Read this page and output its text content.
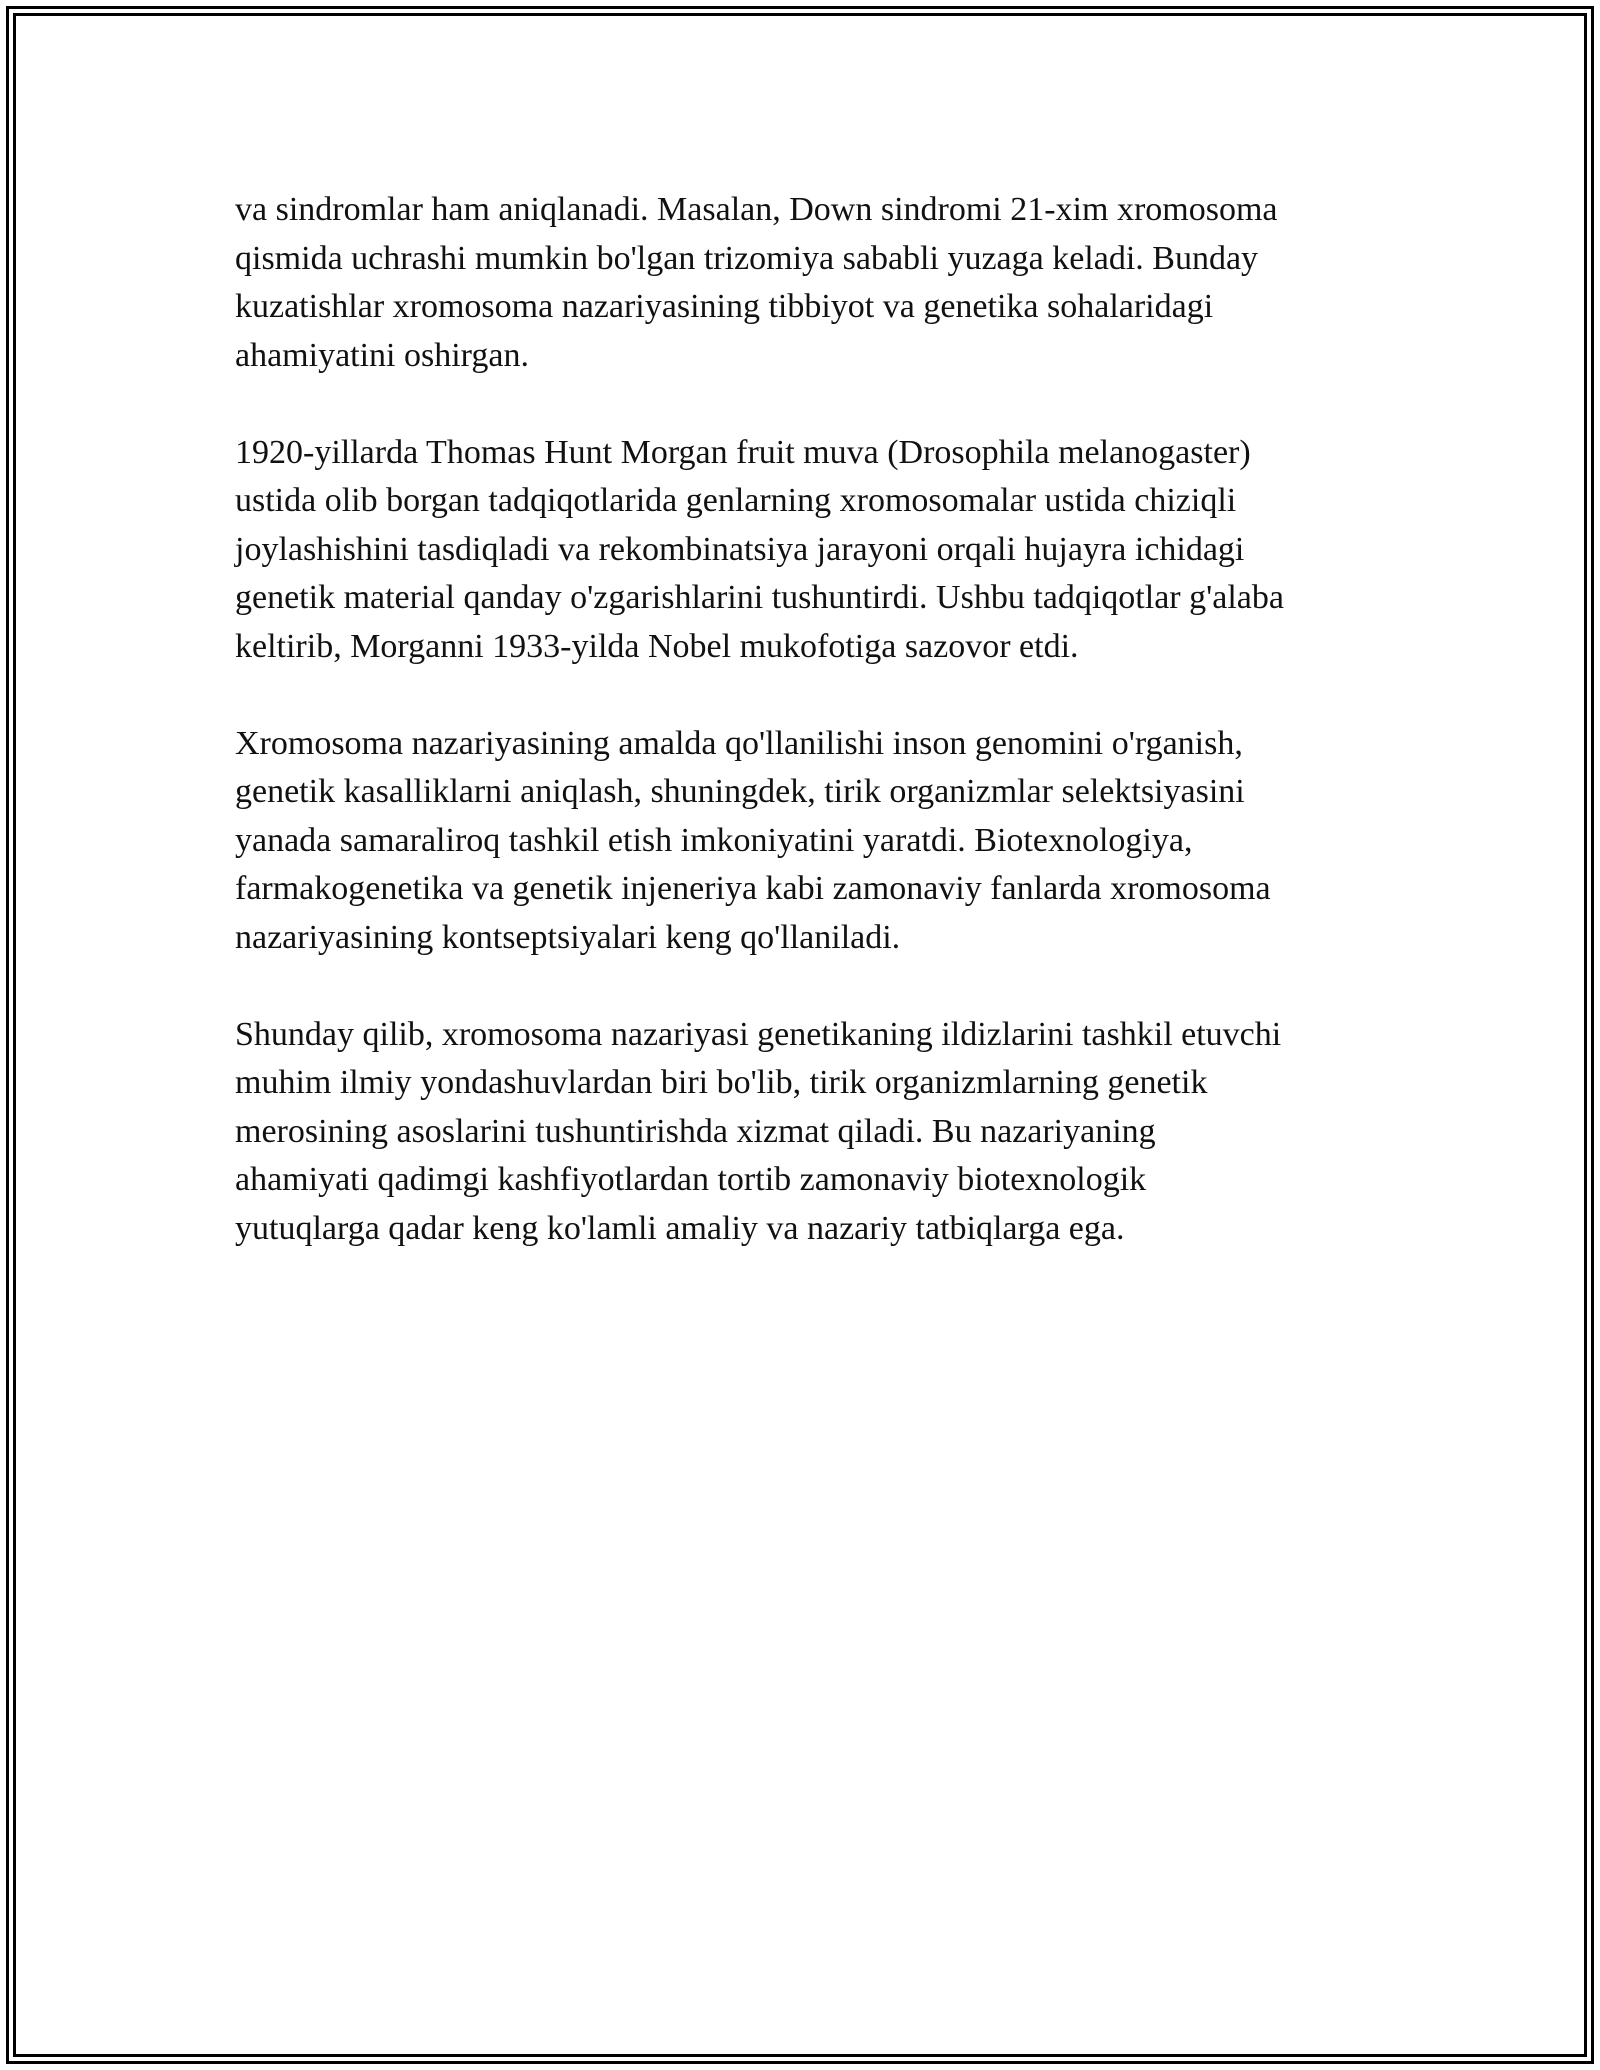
va sindromlar ham aniqlanadi. Masalan, Down sindromi 21-xim xromosoma
qismida uchrashi mumkin bo'lgan trizomiya sababli yuzaga keladi. Bunday
kuzatishlar xromosoma nazariyasining tibbiyot va genetika sohalaridagi
ahamiyatini oshirgan.

1920-yillarda Thomas Hunt Morgan fruit muva (Drosophila melanogaster)
ustida olib borgan tadqiqotlarida genlarning xromosomalar ustida chiziqli
joylashishini tasdiqladi va rekombinatsiya jarayoni orqali hujayra ichidagi
genetik material qanday o'zgarishlarini tushuntirdi. Ushbu tadqiqotlar g'alaba
keltirib, Morganni 1933-yilda Nobel mukofotiga sazovor etdi.

Xromosoma nazariyasining amalda qo'llanilishi inson genomini o'rganish,
genetik kasalliklarni aniqlash, shuningdek, tirik organizmlar selektsiyasini
yanada samaraliroq tashkil etish imkoniyatini yaratdi. Biotexnologiya,
farmakogenetika va genetik injeneriya kabi zamonaviy fanlarda xromosoma
nazariyasining kontseptsiyalari keng qo'llaniladi.

Shunday qilib, xromosoma nazariyasi genetikaning ildizlarini tashkil etuvchi
muhim ilmiy yondashuvlardan biri bo'lib, tirik organizmlarning genetik
merosining asoslarini tushuntirishda xizmat qiladi. Bu nazariyaning
ahamiyati qadimgi kashfiyotlardan tortib zamonaviy biotexnologik
yutuqlarga qadar keng ko'lamli amaliy va nazariy tatbiqlarga ega.
